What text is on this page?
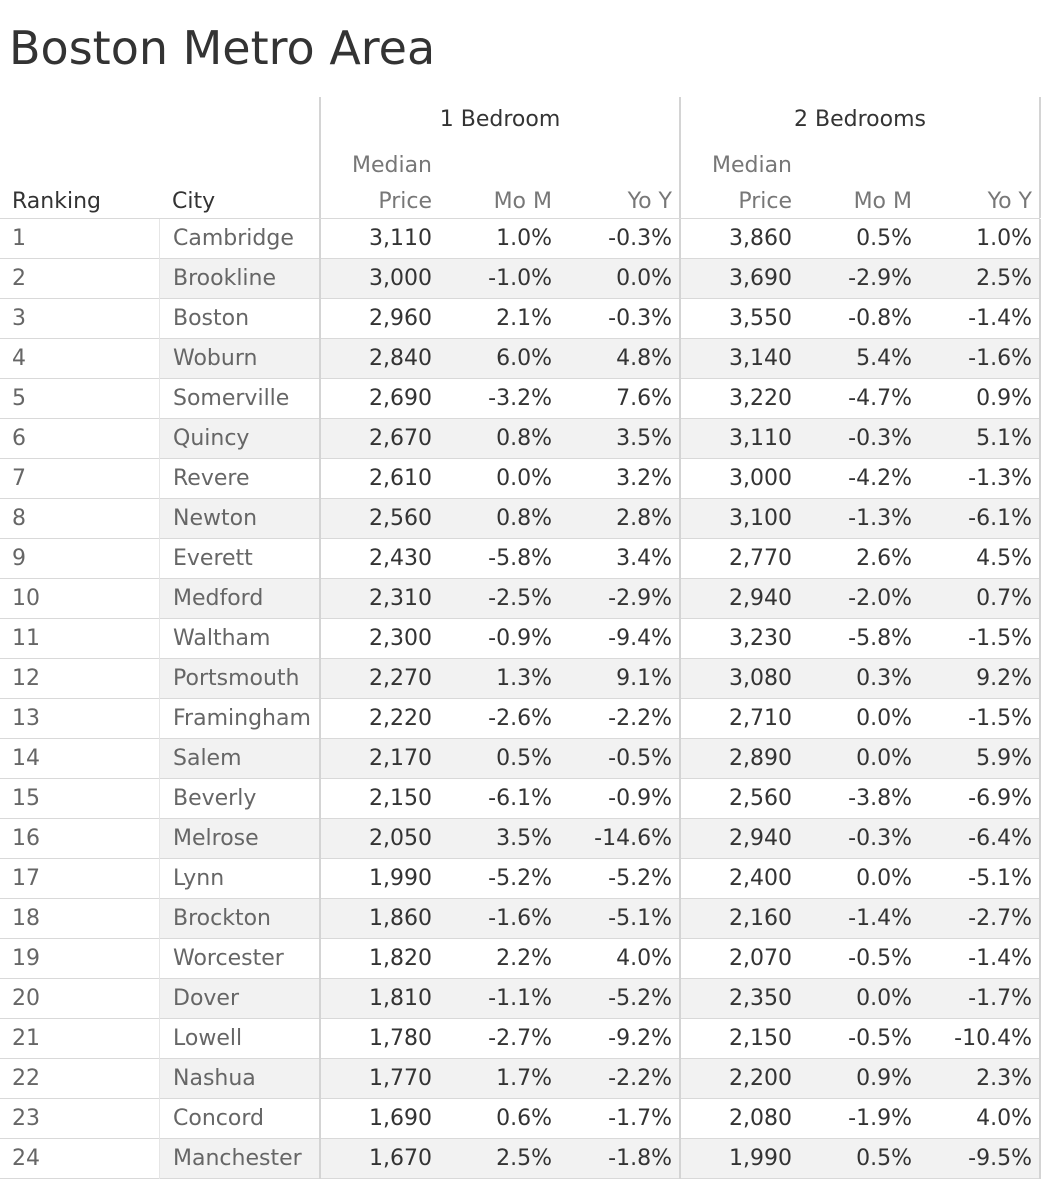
Boston Metro Area
1 Bedroom	2 Bedrooms
Ranking	City
Median
Price	Mo M	Yo Y
Median
Price	Mo M	Yo Y
1	Cambridge	3,110	1.0%	-0.3%	3,860	0.5%	1.0%
2	Brookline	3,000	-1.0%	0.0%	3,690	-2.9%	2.5%
3	Boston	2,960	2.1%	-0.3%	3,550	-0.8%	-1.4%
4	Woburn	2,840	6.0%	4.8%	3,140	5.4%	-1.6%
5	Somerville	2,690	-3.2%	7.6%	3,220	-4.7%	0.9%
6	Quincy	2,670	0.8%	3.5%	3,110	-0.3%	5.1%
7	Revere	2,610	0.0%	3.2%	3,000	-4.2%	-1.3%
8	Newton	2,560	0.8%	2.8%	3,100	-1.3%	-6.1%
9	Everett	2,430	-5.8%	3.4%	2,770	2.6%	4.5%
10	Medford	2,310	-2.5%	-2.9%	2,940	-2.0%	0.7%
11	Waltham	2,300	-0.9%	-9.4%	3,230	-5.8%	-1.5%
12	Portsmouth	2,270	1.3%	9.1%	3,080	0.3%	9.2%
13	Framingham	2,220	-2.6%	-2.2%	2,710	0.0%	-1.5%
14	Salem	2,170	0.5%	-0.5%	2,890	0.0%	5.9%
15	Beverly	2,150	-6.1%	-0.9%	2,560	-3.8%	-6.9%
16	Melrose	2,050	3.5%	-14.6%	2,940	-0.3%	-6.4%
17	Lynn	1,990	-5.2%	-5.2%	2,400	0.0%	-5.1%
18	Brockton	1,860	-1.6%	-5.1%	2,160	-1.4%	-2.7%
19	Worcester	1,820	2.2%	4.0%	2,070	-0.5%	-1.4%
20	Dover	1,810	-1.1%	-5.2%	2,350	0.0%	-1.7%
21	Lowell	1,780	-2.7%	-9.2%	2,150	-0.5%	-10.4%
22	Nashua	1,770	1.7%	-2.2%	2,200	0.9%	2.3%
23	Concord	1,690	0.6%	-1.7%	2,080	-1.9%	4.0%
24	Manchester	1,670	2.5%	-1.8%	1,990	0.5%	-9.5%
